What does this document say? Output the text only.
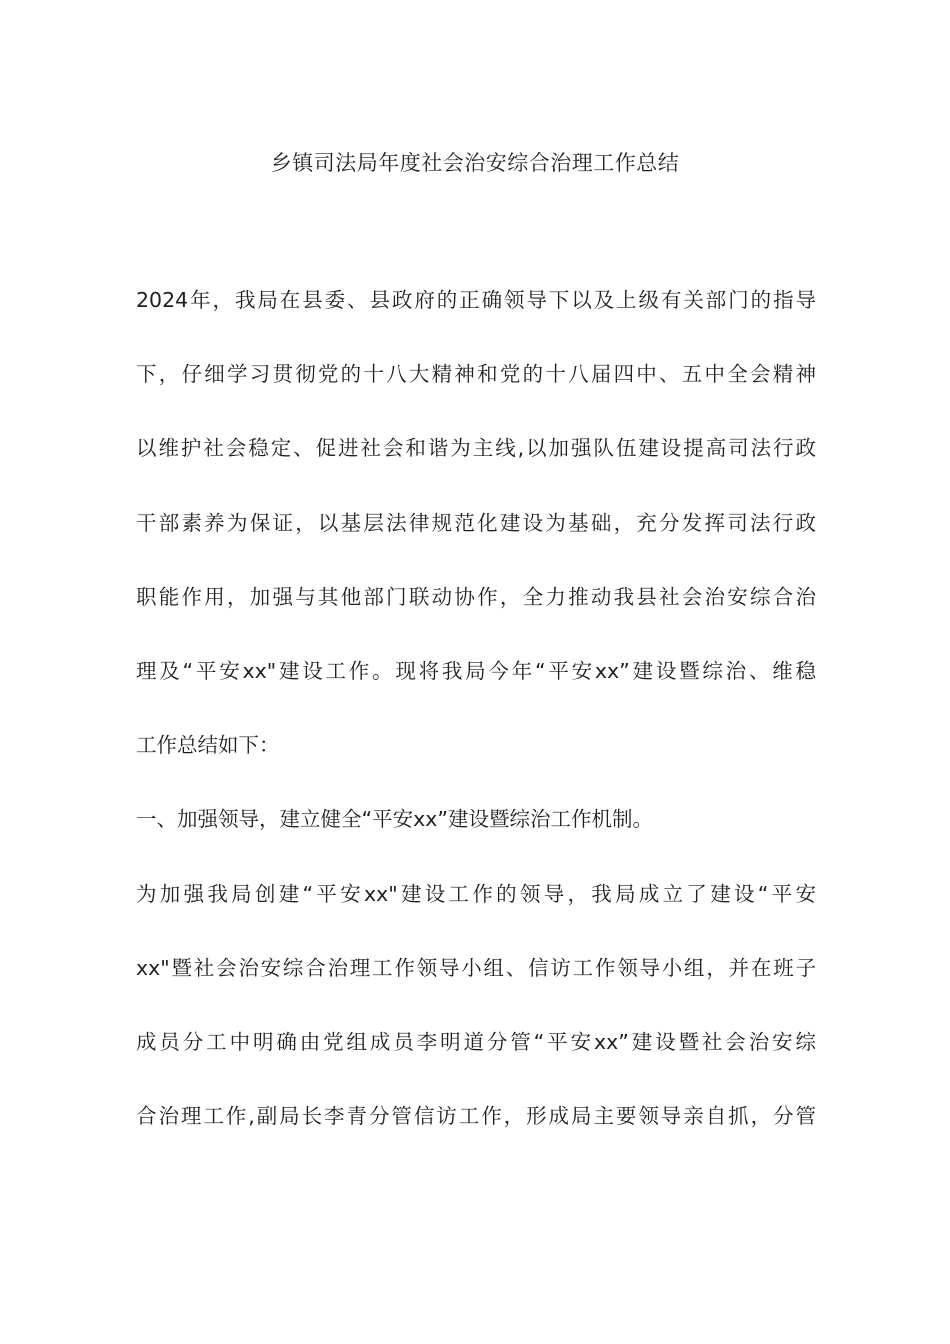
乡镇司法局年度社会治安综合治理工作总结
2024年，我局在县委、县政府的正确领导下以及上级有关部门的指导
下，仔细学习贯彻党的十八大精神和党的十八届四中、五中全会精神
以维护社会稳定、促进社会和谐为主线,以加强队伍建设提高司法行政
干部素养为保证，以基层法律规范化建设为基础，充分发挥司法行政
职能作用，加强与其他部门联动协作，全力推动我县社会治安综合治
理及“平安xx"建设工作。现将我局今年“平安xx”建设暨综治、维稳
工作总结如下：
一、加强领导，建立健全“平安xx”建设暨综治工作机制。
为加强我局创建“平安xx"建设工作的领导，我局成立了建设“平安
xx"暨社会治安综合治理工作领导小组、信访工作领导小组，并在班子
成员分工中明确由党组成员李明道分管“平安xx”建设暨社会治安综
合治理工作,副局长李青分管信访工作，形成局主要领导亲自抓，分管
